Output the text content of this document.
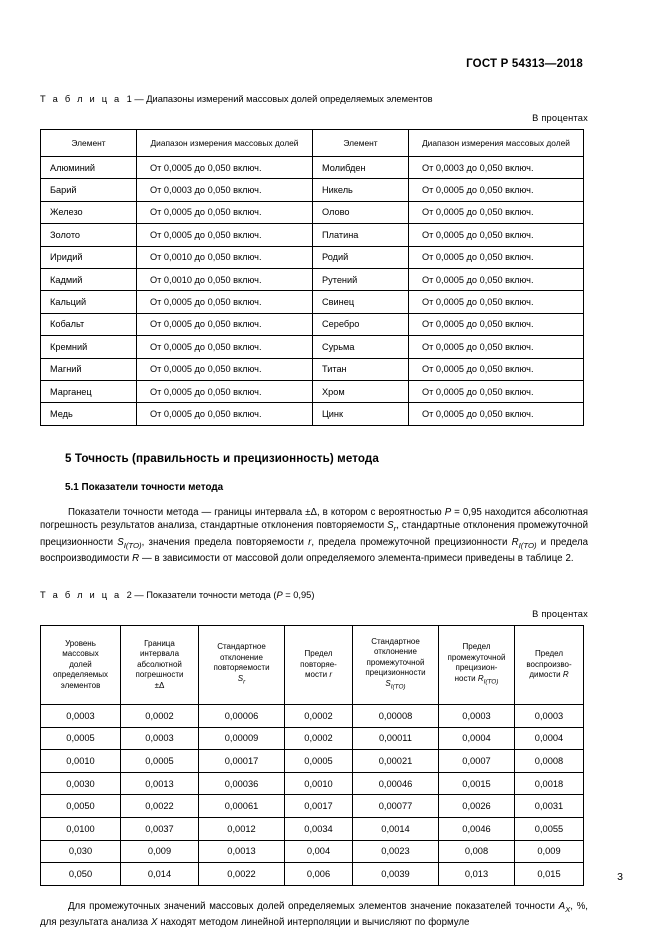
ГОСТ Р 54313—2018
Т а б л и ц а 1 — Диапазоны измерений массовых долей определяемых элементов
В процентах
Элемент	Диапазон измерения массовых долей	Элемент	Диапазон измерения массовых долей
Алюминий	От 0,0005 до 0,050 включ.	Молибден	От 0,0003 до 0,050 включ.
Барий	От 0,0003 до 0,050 включ.	Никель	От 0,0005 до 0,050 включ.
Железо	От 0,0005 до 0,050 включ.	Олово	От 0,0005 до 0,050 включ.
Золото	От 0,0005 до 0,050 включ.	Платина	От 0,0005 до 0,050 включ.
Иридий	От 0,0010 до 0,050 включ.	Родий	От 0,0005 до 0,050 включ.
Кадмий	От 0,0010 до 0,050 включ.	Рутений	От 0,0005 до 0,050 включ.
Кальций	От 0,0005 до 0,050 включ.	Свинец	От 0,0005 до 0,050 включ.
Кобальт	От 0,0005 до 0,050 включ.	Серебро	От 0,0005 до 0,050 включ.
Кремний	От 0,0005 до 0,050 включ.	Сурьма	От 0,0005 до 0,050 включ.
Магний	От 0,0005 до 0,050 включ.	Титан	От 0,0005 до 0,050 включ.
Марганец	От 0,0005 до 0,050 включ.	Хром	От 0,0005 до 0,050 включ.
Медь	От 0,0005 до 0,050 включ.	Цинк	От 0,0005 до 0,050 включ.
5 Точность (правильность и прецизионность) метода
5.1 Показатели точности метода

Показатели точности метода — границы интервала ±Δ, в котором с вероятностью P = 0,95 находится абсолютная погрешность результатов анализа, стандартные отклонения повторяемости $S_r$, стандартные отклонения промежуточной прецизионности $S_{I(TO)}$, значения предела повторяемости r, предела промежуточной прецизионности $R_{I(TO)}$ и предела воспроизводимости R — в зависимости от массовой доли определяемого элемента-примеси приведены в таблице 2.

Т а б л и ц а 2 — Показатели точности метода (P = 0,95)
В процентах
Уровень
массовых
долей
определяемых
элементов	Граница
интервала
абсолютной
погрешности
±Δ	Стандартное
отклонение
повторяемости
$S_r$	Предел
повторяе-
мости r	Стандартное
отклонение
промежуточной
прецизионности
$S_{I(TO)}$	Предел
промежуточной
прецизион-
ности $R_{I(TO)}$	Предел
воспроизво-
димости R
0,0003	0,0002	0,00006	0,0002	0,00008	0,0003	0,0003
0,0005	0,0003	0,00009	0,0002	0,00011	0,0004	0,0004
0,0010	0,0005	0,00017	0,0005	0,00021	0,0007	0,0008
0,0030	0,0013	0,00036	0,0010	0,00046	0,0015	0,0018
0,0050	0,0022	0,00061	0,0017	0,00077	0,0026	0,0031
0,0100	0,0037	0,0012	0,0034	0,0014	0,0046	0,0055
0,030	0,009	0,0013	0,004	0,0023	0,008	0,009
0,050	0,014	0,0022	0,006	0,0039	0,013	0,015

Для промежуточных значений массовых долей определяемых элементов значение показателей точности $A_X$, %, для результата анализа X находят методом линейной интерполяции и вычисляют по формуле

3
